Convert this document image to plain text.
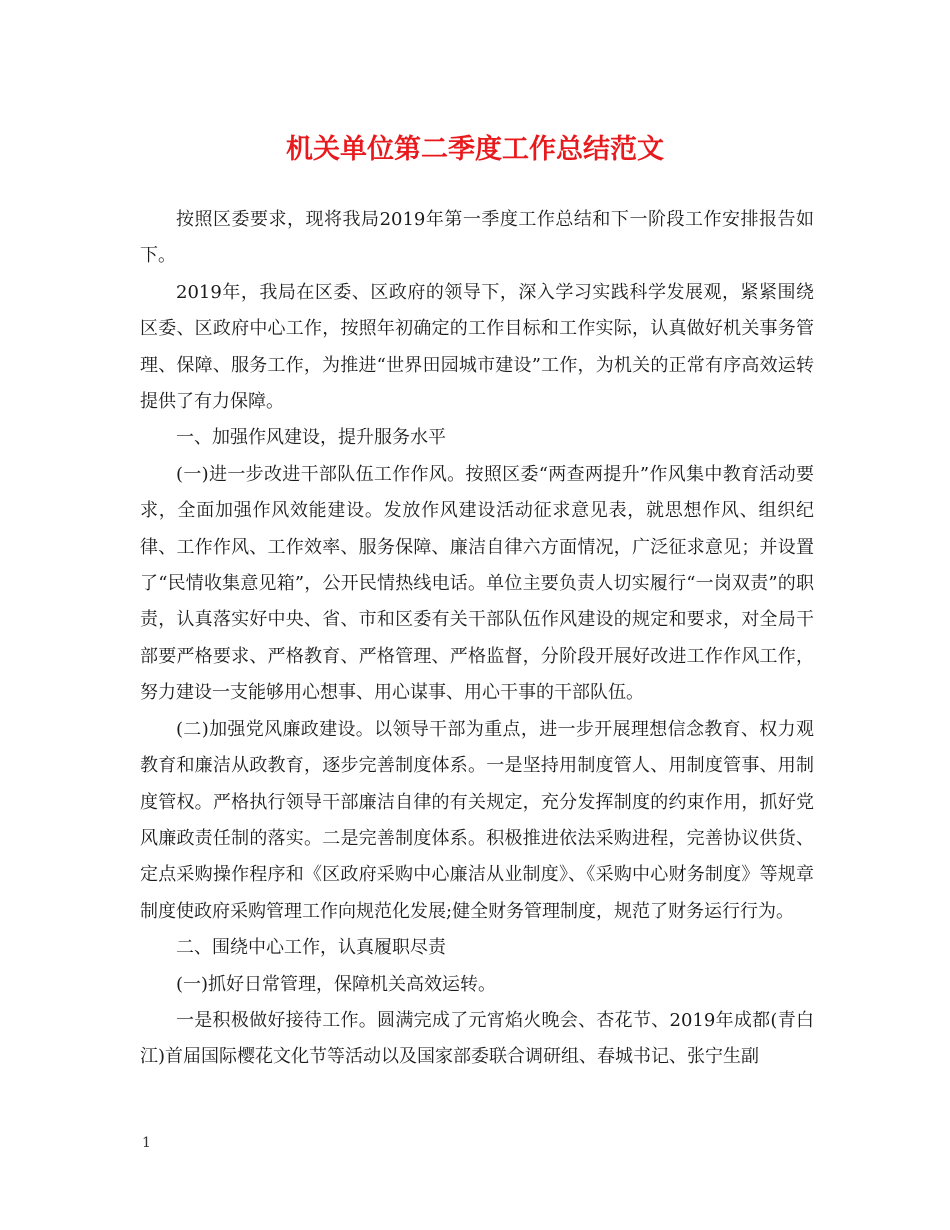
机关单位第二季度工作总结范文

按照区委要求，现将我局2019年第一季度工作总结和下一阶段工作安排报告如下。

2019年，我局在区委、区政府的领导下，深入学习实践科学发展观，紧紧围绕区委、区政府中心工作，按照年初确定的工作目标和工作实际，认真做好机关事务管理、保障、服务工作，为推进“世界田园城市建设”工作，为机关的正常有序高效运转提供了有力保障。

一、加强作风建设，提升服务水平

(一)进一步改进干部队伍工作作风。按照区委“两查两提升”作风集中教育活动要求，全面加强作风效能建设。发放作风建设活动征求意见表，就思想作风、组织纪律、工作作风、工作效率、服务保障、廉洁自律六方面情况，广泛征求意见；并设置了“民情收集意见箱”，公开民情热线电话。单位主要负责人切实履行“一岗双责”的职责，认真落实好中央、省、市和区委有关干部队伍作风建设的规定和要求，对全局干部要严格要求、严格教育、严格管理、严格监督，分阶段开展好改进工作作风工作，努力建设一支能够用心想事、用心谋事、用心干事的干部队伍。

(二)加强党风廉政建设。以领导干部为重点，进一步开展理想信念教育、权力观教育和廉洁从政教育，逐步完善制度体系。一是坚持用制度管人、用制度管事、用制度管权。严格执行领导干部廉洁自律的有关规定，充分发挥制度的约束作用，抓好党风廉政责任制的落实。二是完善制度体系。积极推进依法采购进程，完善协议供货、定点采购操作程序和《区政府采购中心廉洁从业制度》、《采购中心财务制度》等规章制度使政府采购管理工作向规范化发展;健全财务管理制度，规范了财务运行行为。

二、围绕中心工作，认真履职尽责

(一)抓好日常管理，保障机关高效运转。

一是积极做好接待工作。圆满完成了元宵焰火晚会、杏花节、2019年成都(青白江)首届国际樱花文化节等活动以及国家部委联合调研组、春城书记、张宁生副

1
